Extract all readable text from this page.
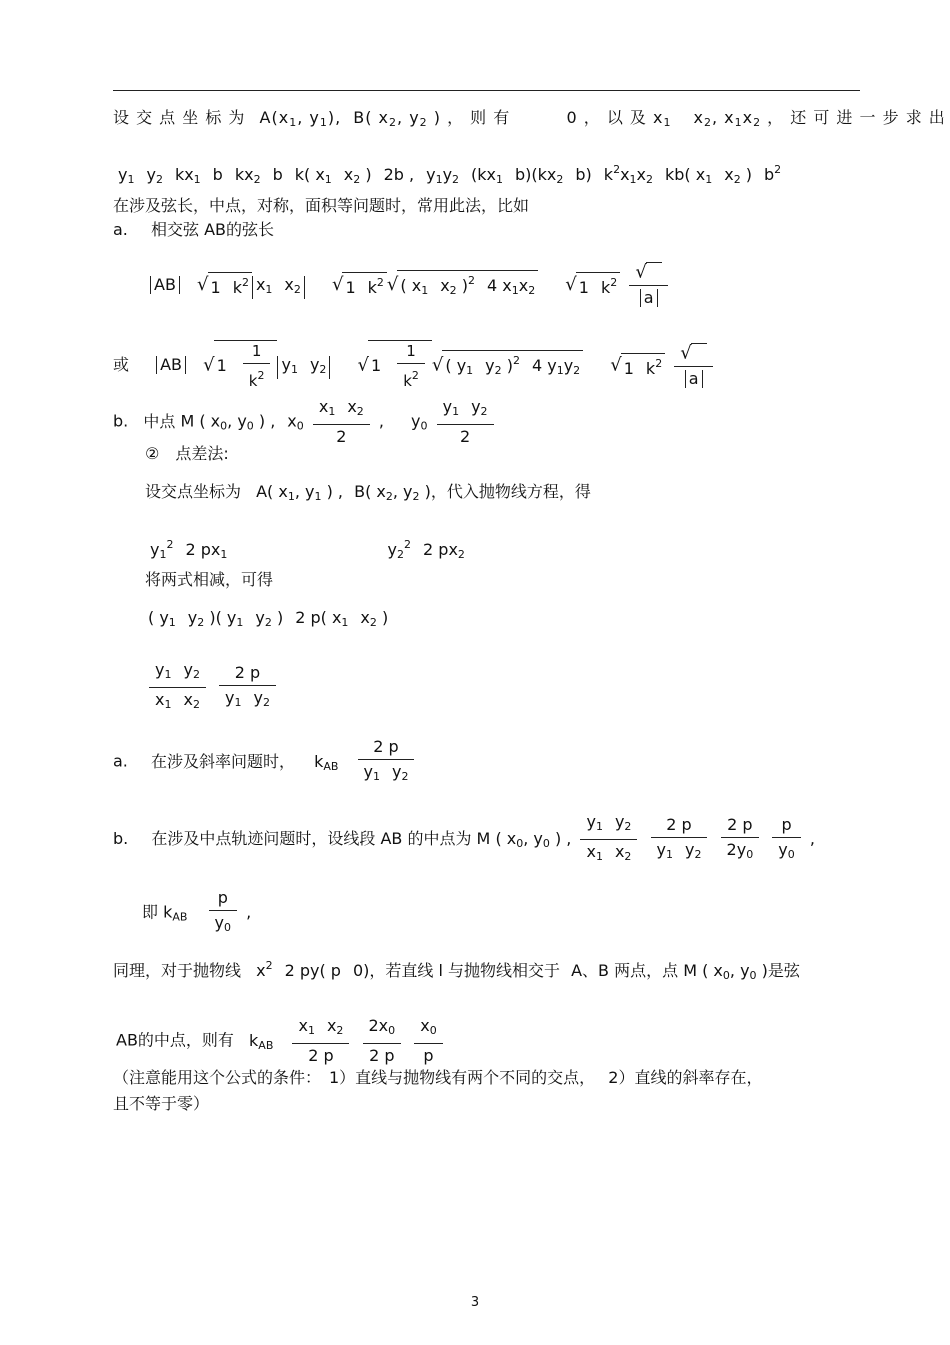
设 交 点 坐 标 为 A(x1, y1), B( x2, y2 ) ， 则 有	0 ， 以 及 x1 x2, x1x2 ， 还 可 进 一 步 求 出
y1 y2 kx1 b kx2 b k( x1 x2 ) 2b , y1y2 (kx1 b)(kx2 b) $k^2x1x2$ kb( x1 x2 ) $b^2$
在涉及弦长，中点，对称，面积等问题时，常用此法，比如
a. 相交弦 AB的弦长
AB √ 1 $k^2$ x1 x2 √ 1 $k^2$ √ ( x1 x2 )$^2$ 4 x1x2 √ 1 $k^2 \frac{√}{a}$
或 AB √ $1 \frac{1}{k^2} y1$ y2 √ $1 \frac{1}{k^2}$ √ ( y1 y2 )$^2$ 4 y1y2 √ 1 $k^2 \frac{√}{a}$
b. 中点 M ( x0, y0 ) , $x0 \frac{x1 x2}{2}$ , $y0 \frac{y1 y2}{2}$
②　点差法:
设交点坐标为 A( x1, y1 ) , B( x2, y2 )，代入抛物线方程，得
$y1^2$ 2 px1	$y2^2$ 2 px2
将两式相减，可得
( y1 y2 )( y1 y2 ) 2 p( x1 x2 )
$\frac{y1 y2}{x1 x2}$
$\frac{2 p}{y1 y2}$
a. 在涉及斜率问题时， kAB $\frac{2 p}{y1 y2}$
b. 在涉及中点轨迹问题时，设线段 AB 的中点为 M ( x0, y0 ) , $\frac{y1 y2}{x1 x2}$
$\frac{2 p}{y1 y2}$
$\frac{2 p}{2y0}$
$\frac{p}{y0}$ ,
即 kAB $\frac{p}{y0}$ ,
同理，对于抛物线 $x^2$ 2 py( p 0)，若直线 l 与抛物线相交于 A、B 两点，点 M ( x0, y0 )是弦
AB的中点，则有 kAB $\frac{x1 x2}{2 p}$
$\frac{2x0}{2 p}$
$\frac{x0}{p}$
（注意能用这个公式的条件：　1）直线与抛物线有两个不同的交点，　 2）直线的斜率存在，
且不等于零）
3
